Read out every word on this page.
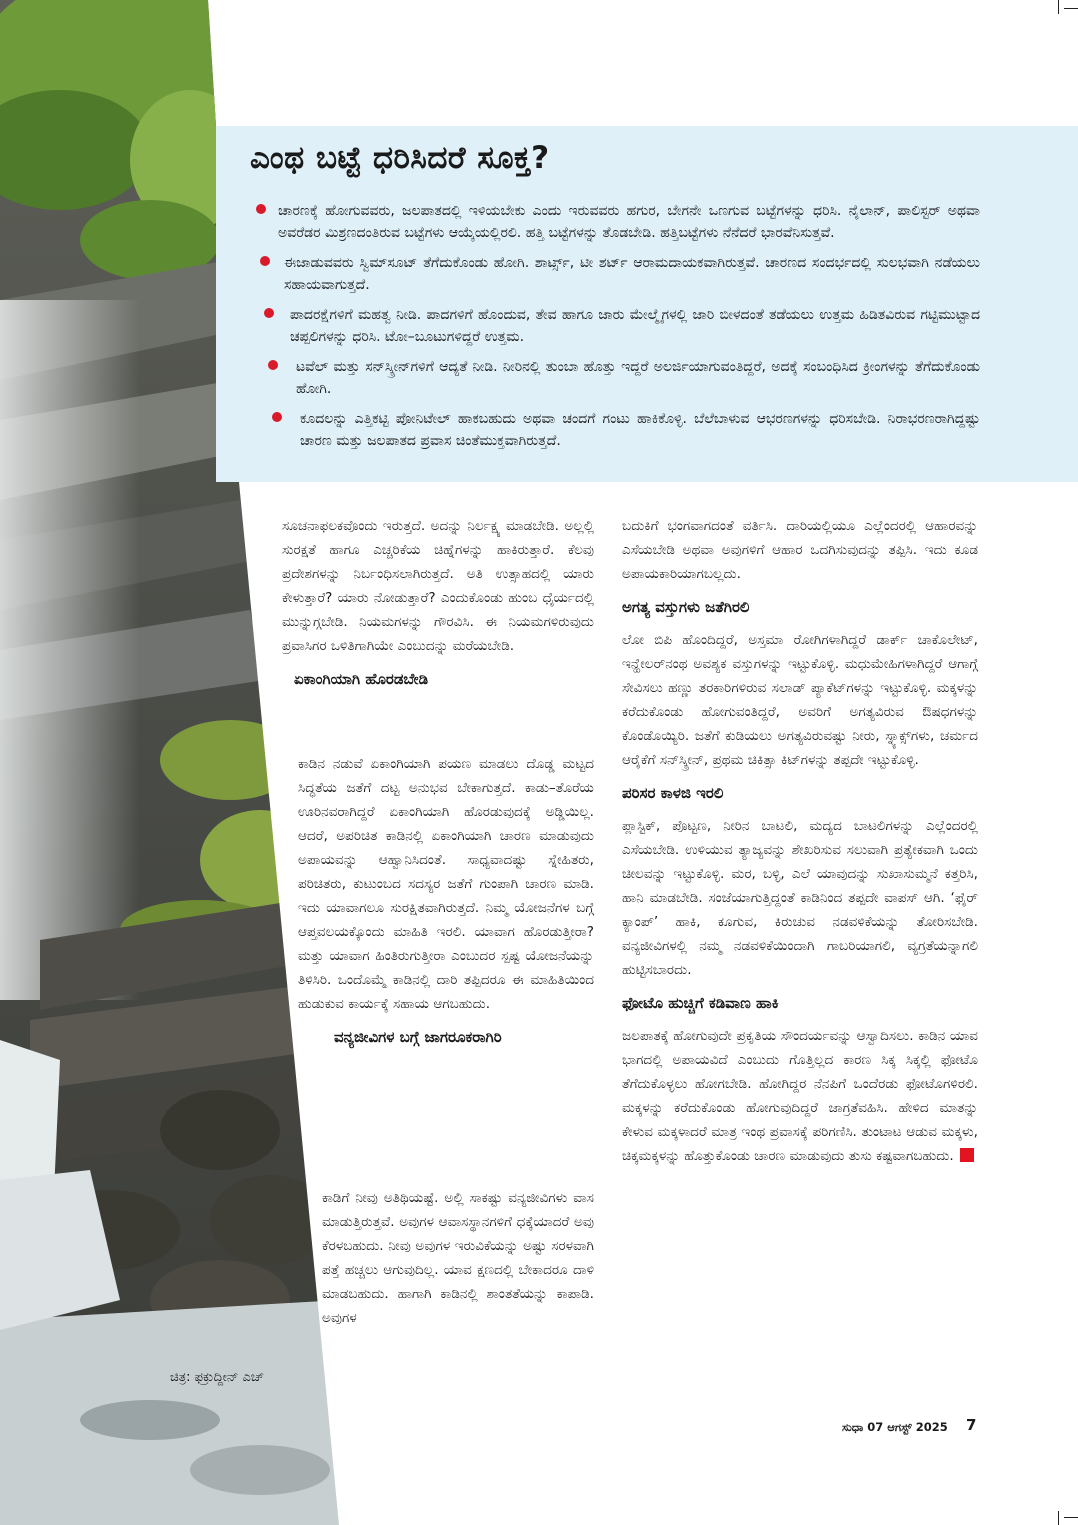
ಎಂಥ ಬಟ್ಟೆ ಧರಿಸಿದರೆ ಸೂಕ್ತ?

ಚಾರಣಕ್ಕೆ ಹೋಗುವವರು, ಜಲಪಾತದಲ್ಲಿ ಇಳಿಯಬೇಕು ಎಂದು ಇರುವವರು ಹಗುರ, ಬೇಗನೇ ಒಣಗುವ ಬಟ್ಟೆಗಳನ್ನು ಧರಿಸಿ. ನೈಲಾನ್‌, ಪಾಲಿಸ್ಟರ್ ಅಥವಾ ಅವರೆಡರ ಮಿಶ್ರಣದಂತಿರುವ ಬಟ್ಟೆಗಳು ಆಯ್ಕೆಯಲ್ಲಿರಲಿ. ಹತ್ತಿ ಬಟ್ಟೆಗಳನ್ನು ತೊಡಬೇಡಿ. ಹತ್ತಿಬಟ್ಟೆಗಳು ನೆನೆದರೆ ಭಾರವೆನಿಸುತ್ತವೆ.

ಈಜಾಡುವವರು ಸ್ವಿಮ್‌ಸೂಟ್ ತೆಗೆದುಕೊಂಡು ಹೋಗಿ. ಶಾರ್ಟ್ಸ್, ಟೀ ಶರ್ಟ್ ಆರಾಮದಾಯಕವಾಗಿರುತ್ತವೆ. ಚಾರಣದ ಸಂದರ್ಭದಲ್ಲಿ ಸುಲಭವಾಗಿ ನಡೆಯಲು ಸಹಾಯವಾಗುತ್ತದೆ.

ಪಾದರಕ್ಷೆಗಳಿಗೆ ಮಹತ್ವ ನೀಡಿ. ಪಾದಗಳಿಗೆ ಹೊಂದುವ, ತೇವ ಹಾಗೂ ಜಾರು ಮೇಲ್ಮೈಗಳಲ್ಲಿ ಜಾರಿ ಬೀಳದಂತೆ ತಡೆಯಲು ಉತ್ತಮ ಹಿಡಿತವಿರುವ ಗಟ್ಟಿಮುಟ್ಟಾದ ಚಪ್ಪಲಿಗಳನ್ನು ಧರಿಸಿ. ಟೋ–ಬೂಟುಗಳಿದ್ದರೆ ಉತ್ತಮ.

ಟವೆಲ್ ಮತ್ತು ಸನ್‌ಸ್ಕ್ರೀನ್‌ಗಳಿಗೆ ಆದ್ಯತೆ ನೀಡಿ. ನೀರಿನಲ್ಲಿ ತುಂಬಾ ಹೊತ್ತು ಇದ್ದರೆ ಅಲರ್ಜಿಯಾಗುವಂತಿದ್ದರೆ, ಅದಕ್ಕೆ ಸಂಬಂಧಿಸಿದ ಕ್ರೀಂಗಳನ್ನು ತೆಗೆದುಕೊಂಡು ಹೋಗಿ.

ಕೂದಲನ್ನು ಎತ್ತಿಕಟ್ಟಿ ಪೋನಿಟೇಲ್ ಹಾಕಬಹುದು ಅಥವಾ ಚಂದಗೆ ಗಂಟು ಹಾಕಿಕೊಳ್ಳಿ. ಬೆಲೆಬಾಳುವ ಆಭರಣಗಳನ್ನು ಧರಿಸಬೇಡಿ. ನಿರಾಭರಣರಾಗಿದ್ದಷ್ಟು ಚಾರಣ ಮತ್ತು ಜಲಪಾತದ ಪ್ರವಾಸ ಚಿಂತೆಮುಕ್ತವಾಗಿರುತ್ತದೆ.

ಸೂಚನಾಫಲಕವೊಂದು ಇರುತ್ತದೆ. ಅದನ್ನು ನಿರ್ಲಕ್ಷ್ಯ ಮಾಡಬೇಡಿ. ಅಲ್ಲಲ್ಲಿ ಸುರಕ್ಷತೆ ಹಾಗೂ ಎಚ್ಚರಿಕೆಯ ಚಿಹ್ನೆಗಳನ್ನು ಹಾಕಿರುತ್ತಾರೆ. ಕೆಲವು ಪ್ರದೇಶಗಳನ್ನು ನಿರ್ಬಂಧಿಸಲಾಗಿರುತ್ತದೆ. ಅತಿ ಉತ್ಸಾಹದಲ್ಲಿ ಯಾರು ಕೇಳುತ್ತಾರೆ? ಯಾರು ನೋಡುತ್ತಾರೆ? ಎಂದುಕೊಂಡು ಹುಂಬ ಧೈರ್ಯದಲ್ಲಿ ಮುನ್ನುಗ್ಗಬೇಡಿ. ನಿಯಮಗಳನ್ನು ಗೌರವಿಸಿ. ಈ ನಿಯಮಗಳಿರುವುದು ಪ್ರವಾಸಿಗರ ಒಳಿತಿಗಾಗಿಯೇ ಎಂಬುದನ್ನು ಮರೆಯಬೇಡಿ.

ಏಕಾಂಗಿಯಾಗಿ ಹೊರಡಬೇಡಿ

ಕಾಡಿನ ನಡುವೆ ಏಕಾಂಗಿಯಾಗಿ ಪಯಣ ಮಾಡಲು ದೊಡ್ಡ ಮಟ್ಟದ ಸಿದ್ಧತೆಯ ಜತೆಗೆ ದಟ್ಟ ಅನುಭವ ಬೇಕಾಗುತ್ತದೆ. ಕಾಡು–ತೊರೆಯ ಊರಿನವರಾಗಿದ್ದರೆ ಏಕಾಂಗಿಯಾಗಿ ಹೊರಡುವುದಕ್ಕೆ ಅಡ್ಡಿಯಿಲ್ಲ. ಆದರೆ, ಅಪರಿಚಿತ ಕಾಡಿನಲ್ಲಿ ಏಕಾಂಗಿಯಾಗಿ ಚಾರಣ ಮಾಡುವುದು ಅಪಾಯವನ್ನು ಆಹ್ವಾನಿಸಿದಂತೆ. ಸಾಧ್ಯವಾದಷ್ಟು ಸ್ನೇಹಿತರು, ಪರಿಚಿತರು, ಕುಟುಂಬದ ಸದಸ್ಯರ ಜತೆಗೆ ಗುಂಪಾಗಿ ಚಾರಣ ಮಾಡಿ. ಇದು ಯಾವಾಗಲೂ ಸುರಕ್ಷಿತವಾಗಿರುತ್ತದೆ. ನಿಮ್ಮ ಯೋಜನೆಗಳ ಬಗ್ಗೆ ಆಪ್ತವಲಯಕ್ಕೊಂದು ಮಾಹಿತಿ ಇರಲಿ. ಯಾವಾಗ ಹೊರಡುತ್ತೀರಾ? ಮತ್ತು ಯಾವಾಗ ಹಿಂತಿರುಗುತ್ತೀರಾ ಎಂಬುದರ ಸ್ಪಷ್ಟ ಯೋಜನೆಯನ್ನು ತಿಳಿಸಿರಿ. ಒಂದೊಮ್ಮೆ ಕಾಡಿನಲ್ಲಿ ದಾರಿ ತಪ್ಪಿದರೂ ಈ ಮಾಹಿತಿಯಿಂದ ಹುಡುಕುವ ಕಾರ್ಯಕ್ಕೆ ಸಹಾಯ ಆಗಬಹುದು.

ವನ್ಯಜೀವಿಗಳ ಬಗ್ಗೆ ಜಾಗರೂಕರಾಗಿರಿ

ಕಾಡಿಗೆ ನೀವು ಅತಿಥಿಯಷ್ಟೆ. ಅಲ್ಲಿ ಸಾಕಷ್ಟು ವನ್ಯಜೀವಿಗಳು ವಾಸ ಮಾಡುತ್ತಿರುತ್ತವೆ. ಅವುಗಳ ಆವಾಸಸ್ಥಾನಗಳಿಗೆ ಧಕ್ಕೆಯಾದರೆ ಅವು ಕೆರಳಬಹುದು. ನೀವು ಅವುಗಳ ಇರುವಿಕೆಯನ್ನು ಅಷ್ಟು ಸರಳವಾಗಿ ಪತ್ತೆ ಹಚ್ಚಲು ಆಗುವುದಿಲ್ಲ. ಯಾವ ಕ್ಷಣದಲ್ಲಿ ಬೇಕಾದರೂ ದಾಳಿ ಮಾಡಬಹುದು. ಹಾಗಾಗಿ ಕಾಡಿನಲ್ಲಿ ಶಾಂತತೆಯನ್ನು ಕಾಪಾಡಿ. ಅವುಗಳ

ಬದುಕಿಗೆ ಭಂಗವಾಗದಂತೆ ವರ್ತಿಸಿ. ದಾರಿಯಲ್ಲಿಯೂ ಎಲ್ಲೆಂದರಲ್ಲಿ ಆಹಾರವನ್ನು ಎಸೆಯಬೇಡಿ ಅಥವಾ ಅವುಗಳಿಗೆ ಆಹಾರ ಒದಗಿಸುವುದನ್ನು ತಪ್ಪಿಸಿ. ಇದು ಕೂಡ ಅಪಾಯಕಾರಿಯಾಗಬಲ್ಲದು.

ಅಗತ್ಯ ವಸ್ತುಗಳು ಜತೆಗಿರಲಿ

ಲೋ ಬಿಪಿ ಹೊಂದಿದ್ದರೆ, ಅಸ್ತಮಾ ರೋಗಿಗಳಾಗಿದ್ದರೆ ಡಾರ್ಕ್ ಚಾಕೊಲೇಟ್, ಇನ್ಹೇಲರ್‌ನಂಥ ಅವಶ್ಯಕ ವಸ್ತುಗಳನ್ನು ಇಟ್ಟುಕೊಳ್ಳಿ. ಮಧುಮೇಹಿಗಳಾಗಿದ್ದರೆ ಆಗಾಗ್ಗೆ ಸೇವಿಸಲು ಹಣ್ಣು ತರಕಾರಿಗಳಿರುವ ಸಲಾಡ್ ಪ್ಯಾಕೆಟ್‌ಗಳನ್ನು ಇಟ್ಟುಕೊಳ್ಳಿ. ಮಕ್ಕಳನ್ನು ಕರೆದುಕೊಂಡು ಹೋಗುವಂತಿದ್ದರೆ, ಅವರಿಗೆ ಅಗತ್ಯವಿರುವ ಔಷಧಗಳನ್ನು ಕೊಂಡೊಯ್ಯಿರಿ. ಜತೆಗೆ ಕುಡಿಯಲು ಅಗತ್ಯವಿರುವಷ್ಟು ನೀರು, ಸ್ನ್ಯಾಕ್ಸ್‌ಗಳು, ಚರ್ಮದ ಆರೈಕೆಗೆ ಸನ್‌ಸ್ಕ್ರೀನ್, ಪ್ರಥಮ ಚಿಕಿತ್ಸಾ ಕಿಟ್‌ಗಳನ್ನು ತಪ್ಪದೇ ಇಟ್ಟುಕೊಳ್ಳಿ.

ಪರಿಸರ ಕಾಳಜಿ ಇರಲಿ

ಪ್ಲಾಸ್ಟಿಕ್, ಪೊಟ್ಟಣ, ನೀರಿನ ಬಾಟಲಿ, ಮದ್ಯದ ಬಾಟಲಿಗಳನ್ನು ಎಲ್ಲೆಂದರಲ್ಲಿ ಎಸೆಯಬೇಡಿ. ಉಳಿಯುವ ತ್ಯಾಜ್ಯವನ್ನು ಶೇಖರಿಸುವ ಸಲುವಾಗಿ ಪ್ರತ್ಯೇಕವಾಗಿ ಒಂದು ಚೀಲವನ್ನು ಇಟ್ಟುಕೊಳ್ಳಿ. ಮರ, ಬಳ್ಳಿ, ಎಲೆ ಯಾವುದನ್ನು ಸುಖಾಸುಮ್ಮನೆ ಕತ್ತರಿಸಿ, ಹಾನಿ ಮಾಡಬೇಡಿ. ಸಂಜೆಯಾಗುತ್ತಿದ್ದಂತೆ ಕಾಡಿನಿಂದ ತಪ್ಪದೇ ವಾಪಸ್ ಆಗಿ. ‘ಫೈರ್ ಕ್ಯಾಂಪ್’ ಹಾಕಿ, ಕೂಗುವ, ಕಿರುಚುವ ನಡವಳಿಕೆಯನ್ನು ತೋರಿಸಬೇಡಿ. ವನ್ಯಜೀವಿಗಳಲ್ಲಿ ನಮ್ಮ ನಡವಳಿಕೆಯಿಂದಾಗಿ ಗಾಬರಿಯಾಗಲಿ, ವ್ಯಗ್ರತೆಯನ್ನಾಗಲಿ ಹುಟ್ಟಿಸಬಾರದು.

ಫೋಟೊ ಹುಚ್ಚಿಗೆ ಕಡಿವಾಣ ಹಾಕಿ

ಜಲಪಾತಕ್ಕೆ ಹೋಗುವುದೇ ಪ್ರಕೃತಿಯ ಸೌಂದರ್ಯವನ್ನು ಆಸ್ವಾದಿಸಲು. ಕಾಡಿನ ಯಾವ ಭಾಗದಲ್ಲಿ ಅಪಾಯವಿದೆ ಎಂಬುದು ಗೊತ್ತಿಲ್ಲದ ಕಾರಣ ಸಿಕ್ಕ ಸಿಕ್ಕಲ್ಲಿ ಫೋಟೊ ತೆಗೆದುಕೊಳ್ಳಲು ಹೋಗಬೇಡಿ. ಹೋಗಿದ್ದರ ನೆನಪಿಗೆ ಒಂದೆರಡು ಫೋಟೊಗಳಿರಲಿ. ಮಕ್ಕಳನ್ನು ಕರೆದುಕೊಂಡು ಹೋಗುವುದಿದ್ದರೆ ಜಾಗ್ರತೆವಹಿಸಿ. ಹೇಳಿದ ಮಾತನ್ನು ಕೇಳುವ ಮಕ್ಕಳಾದರೆ ಮಾತ್ರ ಇಂಥ ಪ್ರವಾಸಕ್ಕೆ ಪರಿಗಣಿಸಿ. ತುಂಟಾಟ ಆಡುವ ಮಕ್ಕಳು, ಚಿಕ್ಕಮಕ್ಕಳನ್ನು ಹೊತ್ತುಕೊಂಡು ಚಾರಣ ಮಾಡುವುದು ತುಸು ಕಷ್ಟವಾಗಬಹುದು.

ಚಿತ್ರ: ಫಕ್ರುದ್ದೀನ್ ಎಚ್
ಸುಧಾ 07 ಆಗಸ್ಟ್ 2025 7
